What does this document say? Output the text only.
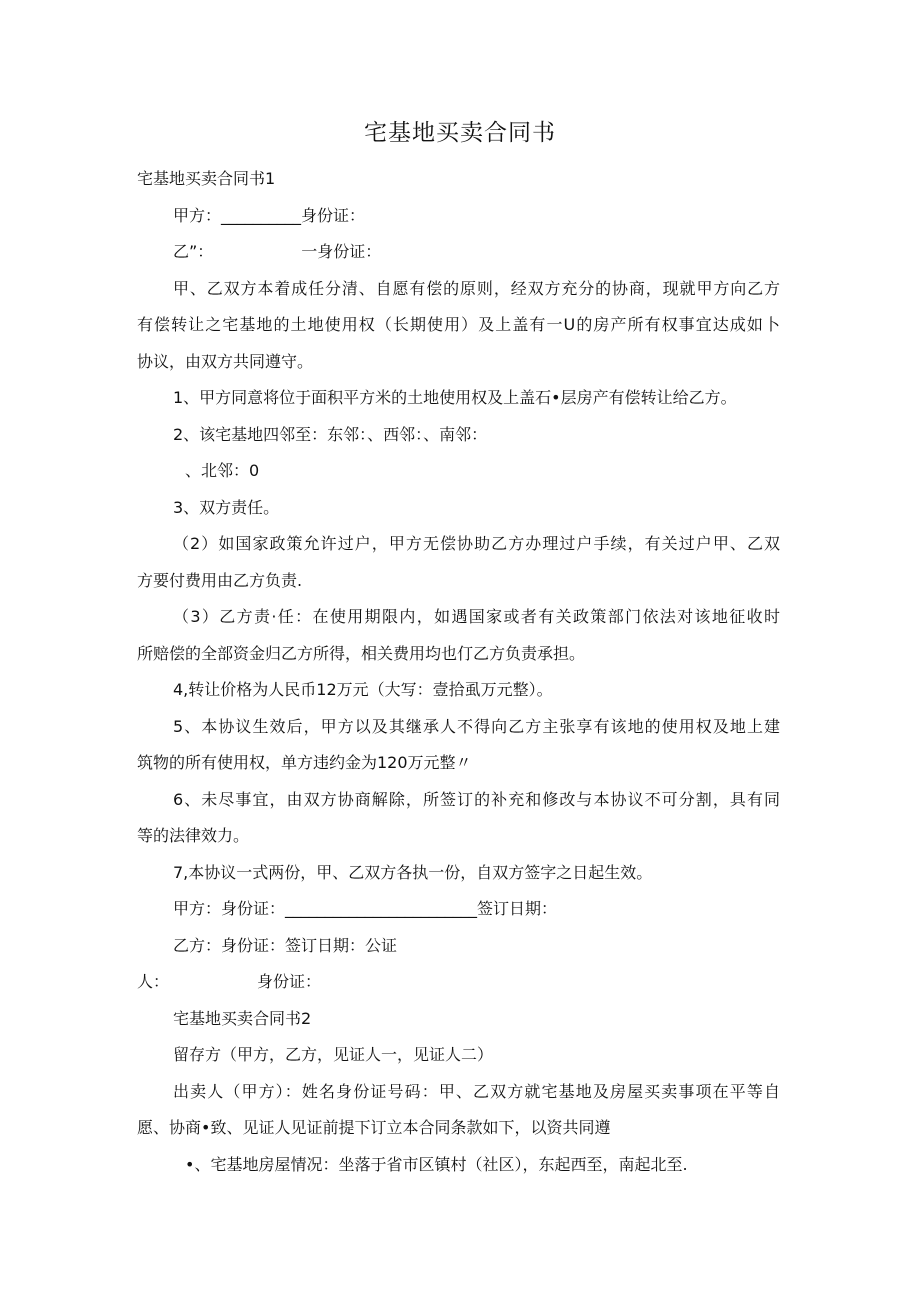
宅基地买卖合同书
宅基地买卖合同书1
甲方：__________身份证：
乙”：　　　　　　一身份证：
甲、乙双方本着成任分清、自愿有偿的原则，经双方充分的协商，现就甲方向乙方
有偿转让之宅基地的土地使用权（长期使用）及上盖有一U的房产所有权事宜达成如卜
协议，由双方共同遵守。
1、甲方同意将位于面积平方米的土地使用权及上盖石•层房产有偿转让给乙方。
2、该宅基地四邻至：东邻：、西邻：、南邻：
、北邻：0
3、双方责任。
（2）如国家政策允许过户，甲方无偿协助乙方办理过户手续，有关过户甲、乙双
方要付费用由乙方负责.
（3）乙方责·任：在使用期限内，如遇国家或者有关政策部门依法对该地征收时
所赔偿的全部资金归乙方所得，相关费用均也仃乙方负责承担。
4,转让价格为人民币12万元（大写：壹拾虱万元整）。
5、本协议生效后，甲方以及其继承人不得向乙方主张享有该地的使用权及地上建
筑物的所有使用权，单方违约金为120万元整〃
6、未尽事宜，由双方协商解除，所签订的补充和修改与本协议不可分割，具有同
等的法律效力。
7,本协议一式两份，甲、乙双方各执一份，自双方签字之日起生效。
甲方：身份证：________________________签订日期：
乙方：身份证：签订日期：公证
人：　　　　　　身份证：
宅基地买卖合同书2
留存方（甲方，乙方，见证人一，见证人二）
出卖人（甲方）：姓名身份证号码：甲、乙双方就宅基地及房屋买卖事项在平等自
愿、协商•致、见证人见证前提下订立本合同条款如下，以资共同遵
•、宅基地房屋情况：坐落于省市区镇村（社区），东起西至，南起北至.
